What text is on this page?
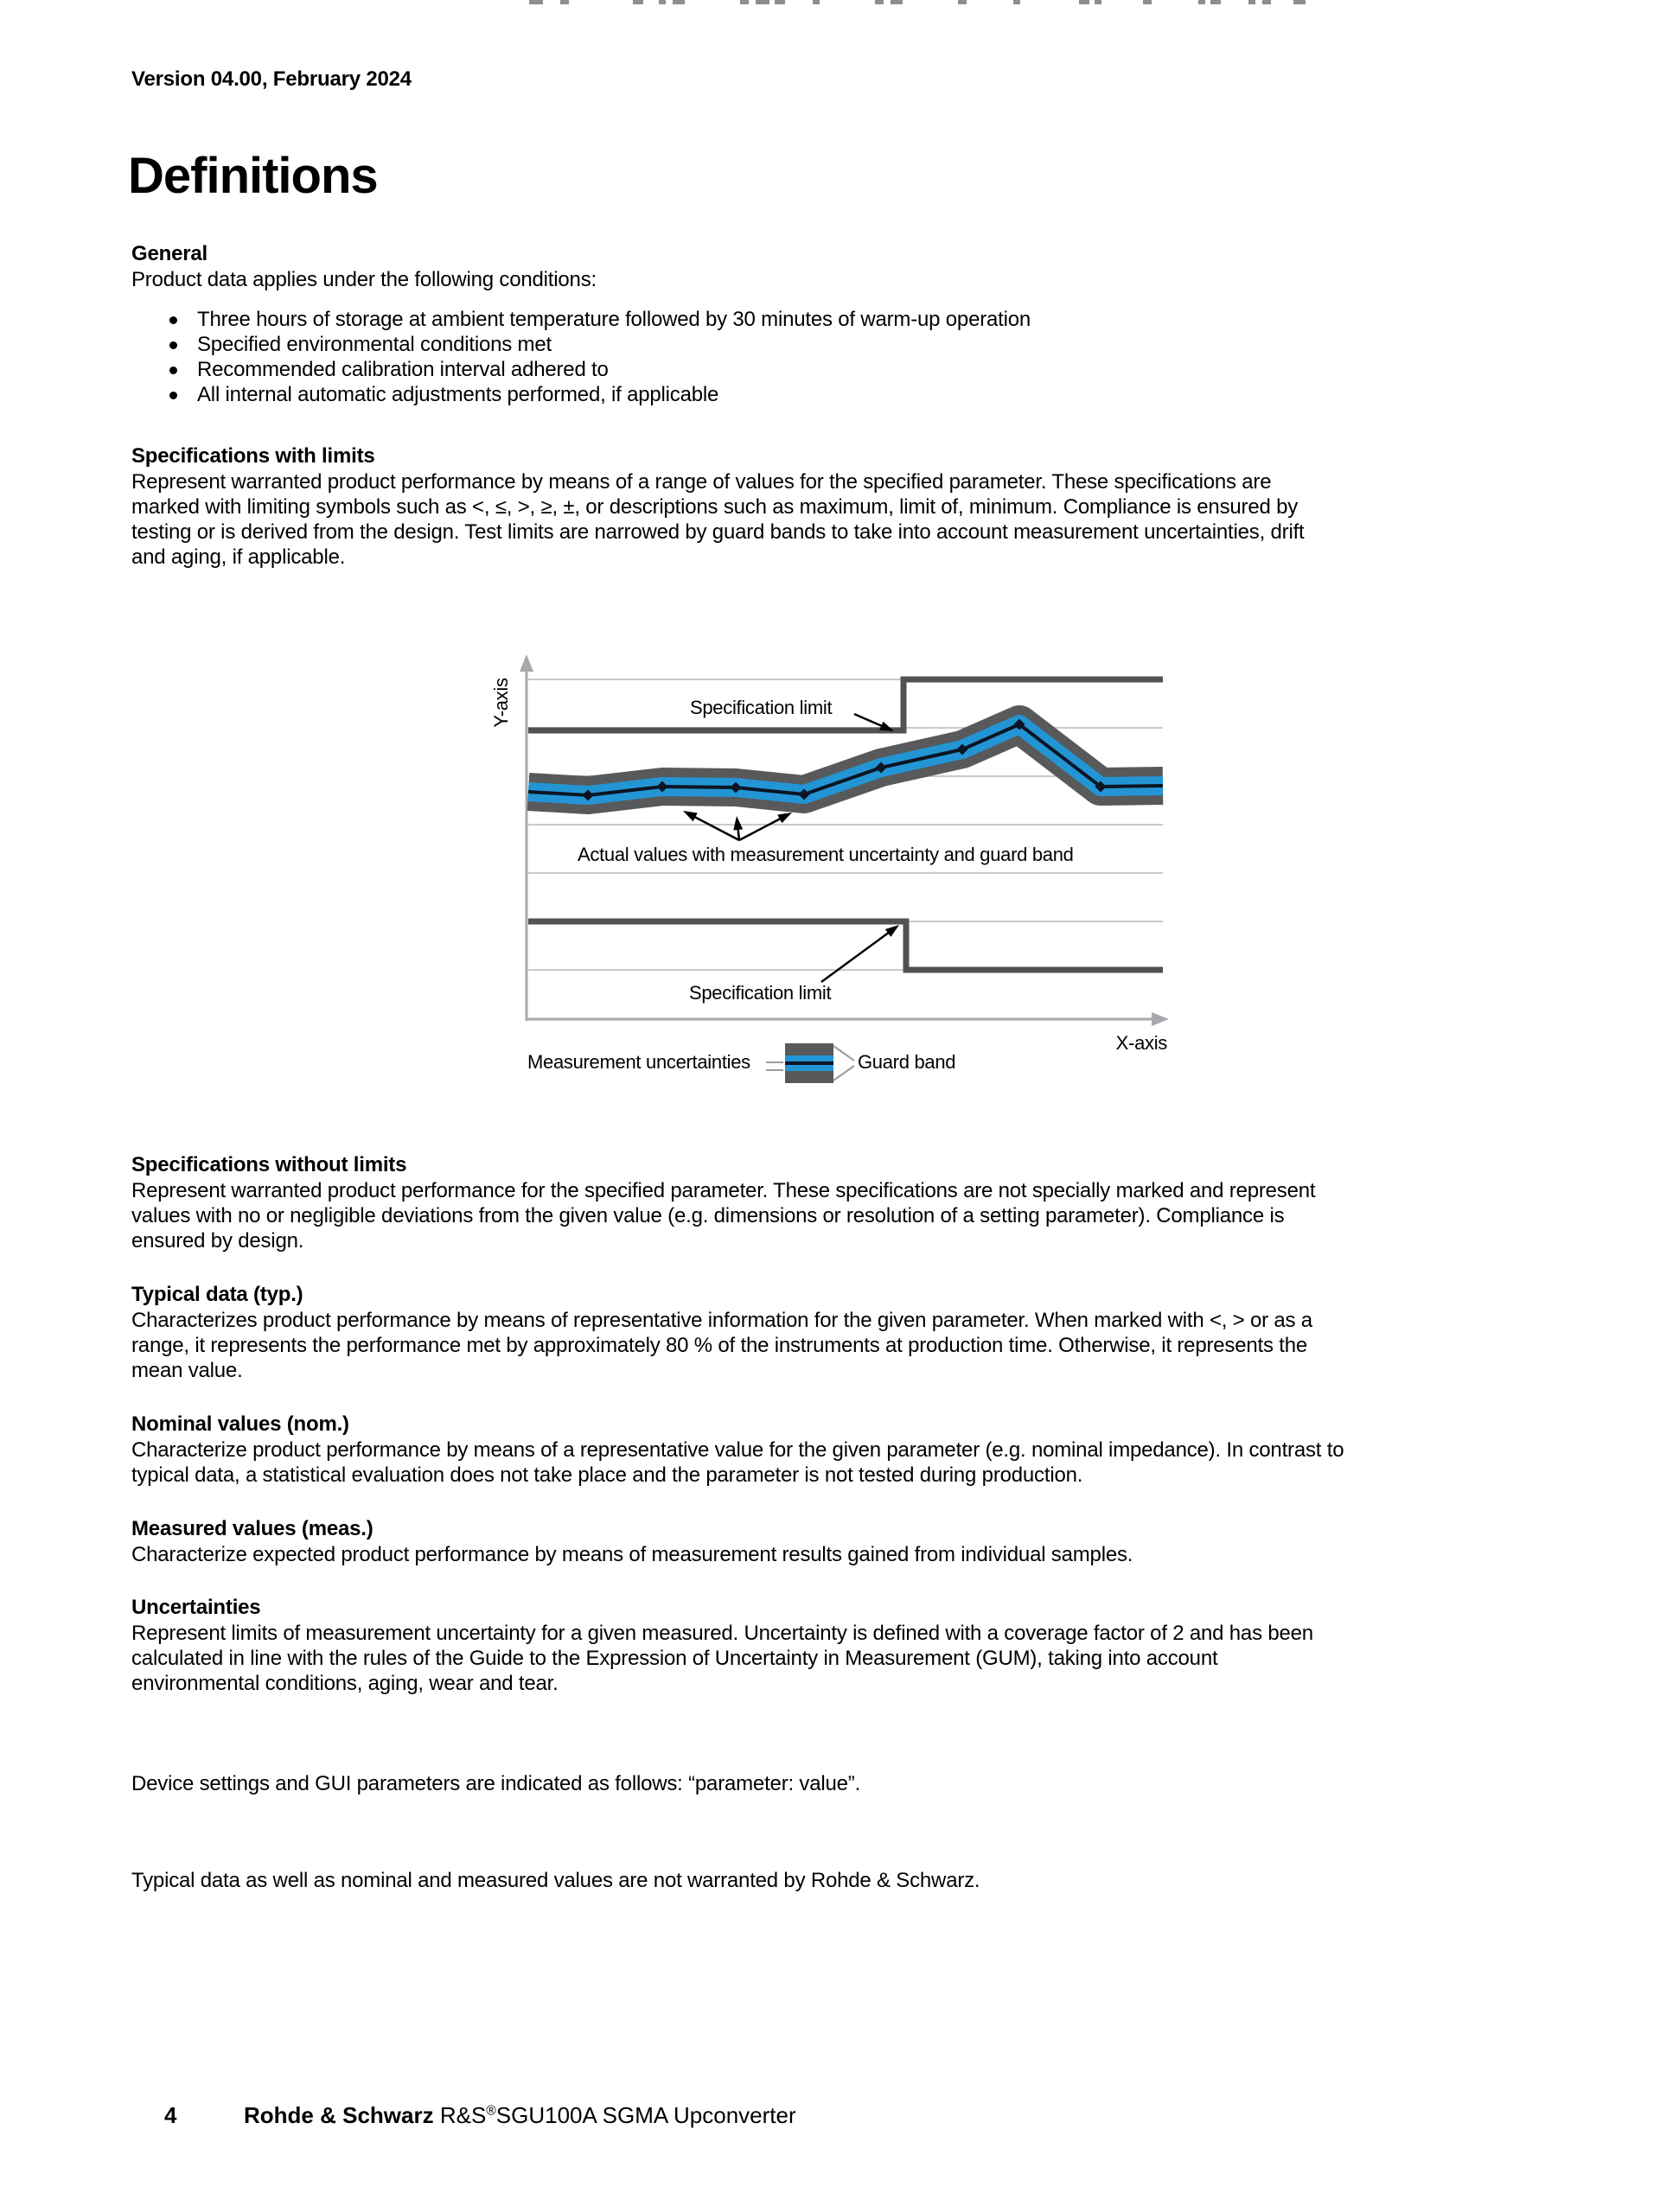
Version 04.00, February 2024
Definitions
General
Product data applies under the following conditions:
Three hours of storage at ambient temperature followed by 30 minutes of warm-up operation
Specified environmental conditions met
Recommended calibration interval adhered to
All internal automatic adjustments performed, if applicable
Specifications with limits
Represent warranted product performance by means of a range of values for the specified parameter. These specifications are
marked with limiting symbols such as <, ≤, >, ≥, ±, or descriptions such as maximum, limit of, minimum. Compliance is ensured by
testing or is derived from the design. Test limits are narrowed by guard bands to take into account measurement uncertainties, drift
and aging, if applicable.
Y-axis	Specification limit
Actual values with measurement uncertainty and guard band
Specification limit
X-axis
Measurement uncertainties	Guard band
Specifications without limits
Represent warranted product performance for the specified parameter. These specifications are not specially marked and represent
values with no or negligible deviations from the given value (e.g. dimensions or resolution of a setting parameter). Compliance is
ensured by design.
Typical data (typ.)
Characterizes product performance by means of representative information for the given parameter. When marked with <, > or as a
range, it represents the performance met by approximately 80 % of the instruments at production time. Otherwise, it represents the
mean value.
Nominal values (nom.)
Characterize product performance by means of a representative value for the given parameter (e.g. nominal impedance). In contrast to
typical data, a statistical evaluation does not take place and the parameter is not tested during production.
Measured values (meas.)
Characterize expected product performance by means of measurement results gained from individual samples.
Uncertainties
Represent limits of measurement uncertainty for a given measured. Uncertainty is defined with a coverage factor of 2 and has been
calculated in line with the rules of the Guide to the Expression of Uncertainty in Measurement (GUM), taking into account
environmental conditions, aging, wear and tear.
Device settings and GUI parameters are indicated as follows: “parameter: value”.
Typical data as well as nominal and measured values are not warranted by Rohde & Schwarz.
4	Rohde & Schwarz R&S®SGU100A SGMA Upconverter
